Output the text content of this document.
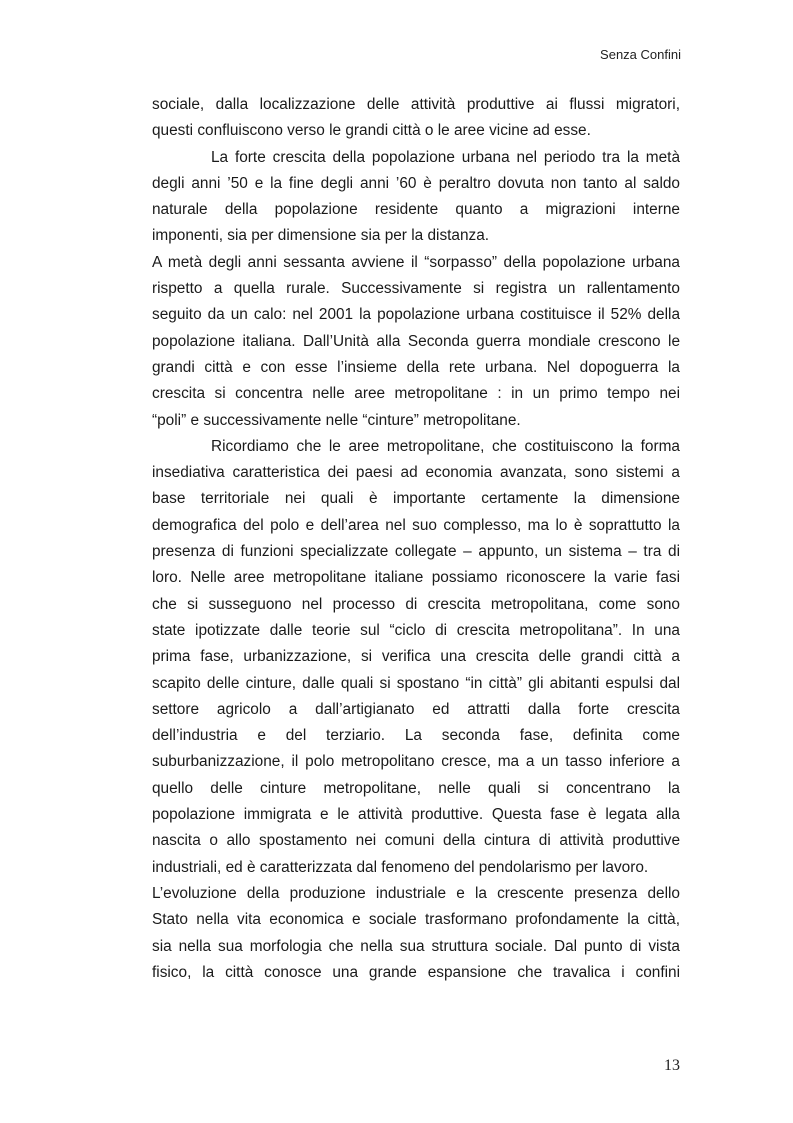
Senza Confini
sociale, dalla localizzazione delle attività produttive ai flussi migratori,
questi confluiscono verso le grandi città o le aree vicine ad esse.
La forte crescita della popolazione urbana nel periodo tra la metà
degli anni ’50 e la fine degli anni ’60 è peraltro dovuta non tanto al saldo
naturale della popolazione residente quanto a migrazioni interne
imponenti, sia per dimensione sia per la distanza.
A metà degli anni sessanta avviene il “sorpasso” della popolazione urbana
rispetto a quella rurale. Successivamente si registra un rallentamento
seguito da un calo: nel 2001 la popolazione urbana costituisce il 52% della
popolazione italiana. Dall’Unità alla Seconda guerra mondiale crescono le
grandi città e con esse l’insieme della rete urbana. Nel dopoguerra la
crescita si concentra nelle aree metropolitane : in un primo tempo nei
“poli” e successivamente nelle “cinture” metropolitane.
Ricordiamo che le aree metropolitane, che costituiscono la forma
insediativa caratteristica dei paesi ad economia avanzata, sono sistemi a
base territoriale nei quali è importante certamente la dimensione
demografica del polo e dell’area nel suo complesso, ma lo è soprattutto la
presenza di funzioni specializzate collegate – appunto, un sistema – tra di
loro. Nelle aree metropolitane italiane possiamo riconoscere la varie fasi
che si susseguono nel processo di crescita metropolitana, come sono
state ipotizzate dalle teorie sul “ciclo di crescita metropolitana”. In una
prima fase, urbanizzazione, si verifica una crescita delle grandi città a
scapito delle cinture, dalle quali si spostano “in città” gli abitanti espulsi dal
settore agricolo a dall’artigianato ed attratti dalla forte crescita
dell’industria e del terziario. La seconda fase, definita come
suburbanizzazione, il polo metropolitano cresce, ma a un tasso inferiore a
quello delle cinture metropolitane, nelle quali si concentrano la
popolazione immigrata e le attività produttive. Questa fase è legata alla
nascita o allo spostamento nei comuni della cintura di attività produttive
industriali, ed è caratterizzata dal fenomeno del pendolarismo per lavoro.
L’evoluzione della produzione industriale e la crescente presenza dello
Stato nella vita economica e sociale trasformano profondamente la città,
sia nella sua morfologia che nella sua struttura sociale. Dal punto di vista
fisico, la città conosce una grande espansione che travalica i confini
13
